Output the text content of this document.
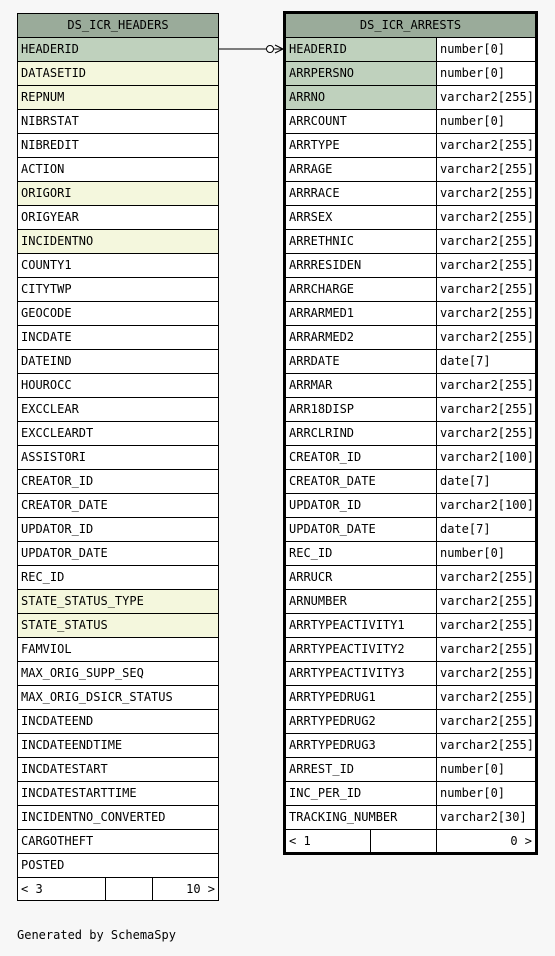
DS_ICR_HEADERS
HEADERID
DATASETID
REPNUM
NIBRSTAT
NIBREDIT
ACTION
ORIGORI
ORIGYEAR
INCIDENTNO
COUNTY1
CITYTWP
GEOCODE
INCDATE
DATEIND
HOUROCC
EXCCLEAR
EXCCLEARDT
ASSISTORI
CREATOR_ID
CREATOR_DATE
UPDATOR_ID
UPDATOR_DATE
REC_ID
STATE_STATUS_TYPE
STATE_STATUS
FAMVIOL
MAX_ORIG_SUPP_SEQ
MAX_ORIG_DSICR_STATUS
INCDATEEND
INCDATEENDTIME
INCDATESTART
INCDATESTARTTIME
INCIDENTNO_CONVERTED
CARGOTHEFT
POSTED
< 3	10 >
DS_ICR_ARRESTS
HEADERID	number[0]
ARRPERSNO	number[0]
ARRNO	varchar2[255]
ARRCOUNT	number[0]
ARRTYPE	varchar2[255]
ARRAGE	varchar2[255]
ARRRACE	varchar2[255]
ARRSEX	varchar2[255]
ARRETHNIC	varchar2[255]
ARRRESIDEN	varchar2[255]
ARRCHARGE	varchar2[255]
ARRARMED1	varchar2[255]
ARRARMED2	varchar2[255]
ARRDATE	date[7]
ARRMAR	varchar2[255]
ARR18DISP	varchar2[255]
ARRCLRIND	varchar2[255]
CREATOR_ID	varchar2[100]
CREATOR_DATE	date[7]
UPDATOR_ID	varchar2[100]
UPDATOR_DATE	date[7]
REC_ID	number[0]
ARRUCR	varchar2[255]
ARNUMBER	varchar2[255]
ARRTYPEACTIVITY1	varchar2[255]
ARRTYPEACTIVITY2	varchar2[255]
ARRTYPEACTIVITY3	varchar2[255]
ARRTYPEDRUG1	varchar2[255]
ARRTYPEDRUG2	varchar2[255]
ARRTYPEDRUG3	varchar2[255]
ARREST_ID	number[0]
INC_PER_ID	number[0]
TRACKING_NUMBER	varchar2[30]
< 1	0 >
Generated by SchemaSpy
